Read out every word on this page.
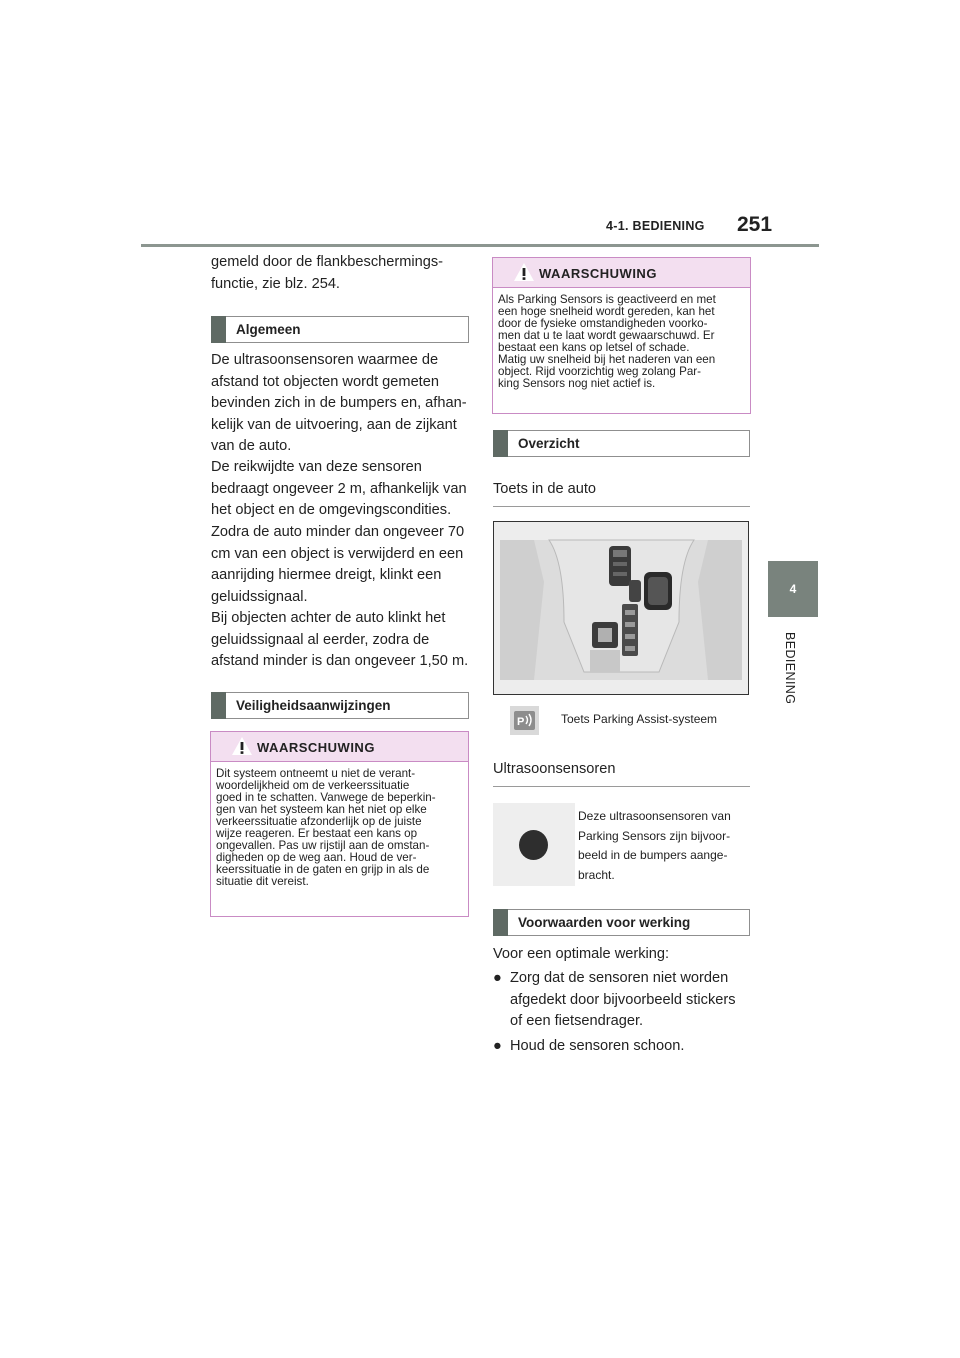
4-1. BEDIENING 251
4
BEDIENING
gemeld door de flankbeschermings-
functie, zie blz. 254.
Algemeen
De ultrasoonsensoren waarmee de
afstand tot objecten wordt gemeten
bevinden zich in de bumpers en, afhan-
kelijk van de uitvoering, aan de zijkant
van de auto.
De reikwijdte van deze sensoren
bedraagt ongeveer 2 m, afhankelijk van
het object en de omgevingscondities.
Zodra de auto minder dan ongeveer 70
cm van een object is verwijderd en een
aanrijding hiermee dreigt, klinkt een
geluidssignaal.
Bij objecten achter de auto klinkt het
geluidssignaal al eerder, zodra de
afstand minder is dan ongeveer 1,50 m.
Veiligheidsaanwijzingen
WAARSCHUWING
Dit systeem ontneemt u niet de verant-
woordelijkheid om de verkeerssituatie
goed in te schatten. Vanwege de beperkin-
gen van het systeem kan het niet op elke
verkeerssituatie afzonderlijk op de juiste
wijze reageren. Er bestaat een kans op
ongevallen. Pas uw rijstijl aan de omstan-
digheden op de weg aan. Houd de ver-
keerssituatie in de gaten en grijp in als de
situatie dit vereist.
WAARSCHUWING
Als Parking Sensors is geactiveerd en met
een hoge snelheid wordt gereden, kan het
door de fysieke omstandigheden voorko-
men dat u te laat wordt gewaarschuwd. Er
bestaat een kans op letsel of schade.
Matig uw snelheid bij het naderen van een
object. Rijd voorzichtig weg zolang Par-
king Sensors nog niet actief is.
Overzicht
Toets in de auto
P	Toets Parking Assist-systeem
Ultrasoonsensoren
Deze ultrasoonsensoren van
Parking Sensors zijn bijvoor-
beeld in de bumpers aange-
bracht.
Voorwaarden voor werking
Voor een optimale werking:
● Zorg dat de sensoren niet worden
afgedekt door bijvoorbeeld stickers
of een fietsendrager.
● Houd de sensoren schoon.
